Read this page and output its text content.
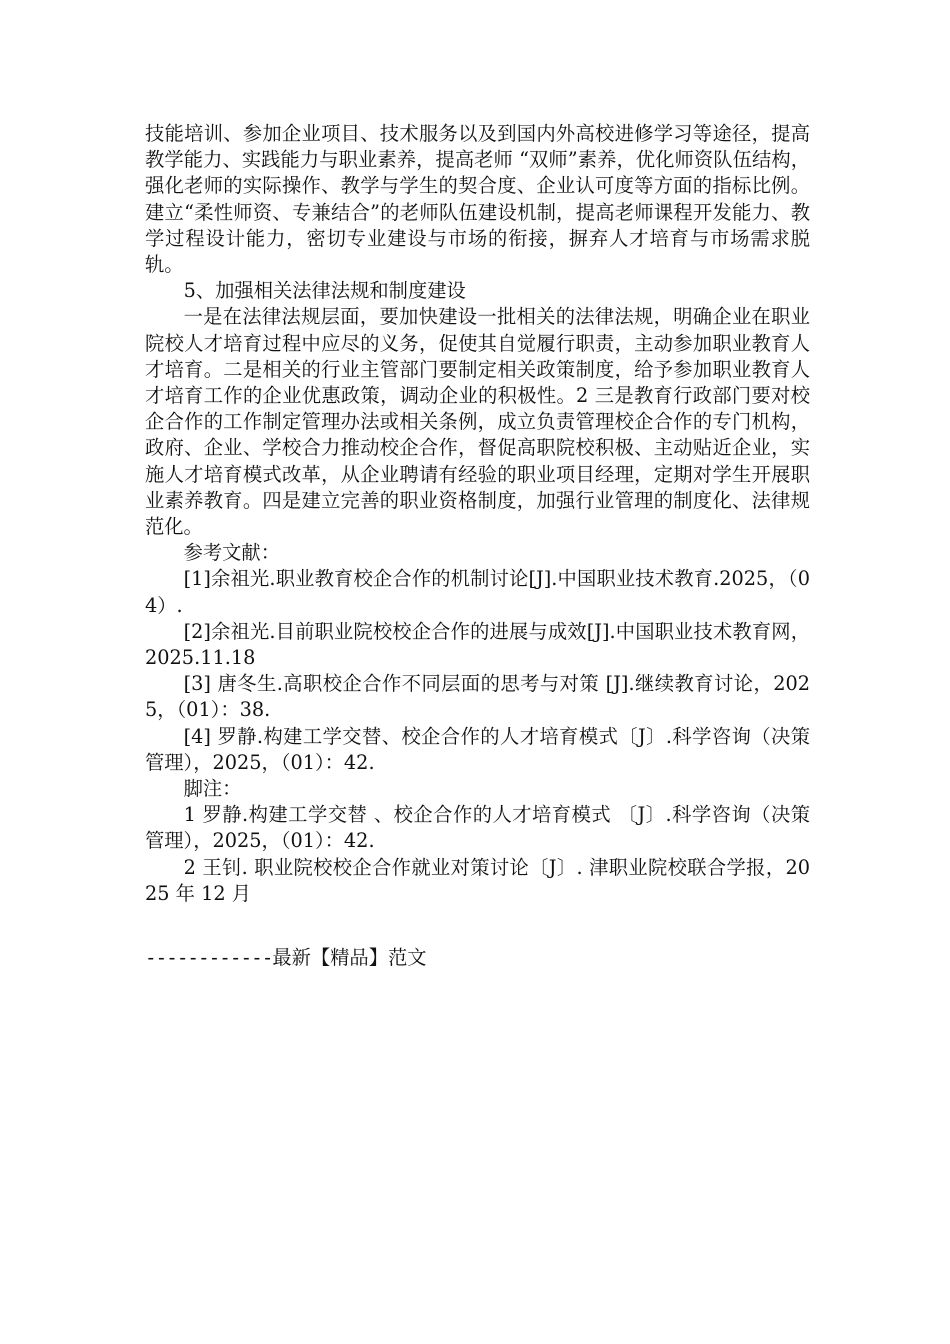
技能培训、参加企业项目、技术服务以及到国内外高校进修学习等途径，提高教学能力、实践能力与职业素养，提高老师 “双师”素养，优化师资队伍结构，强化老师的实际操作、教学与学生的契合度、企业认可度等方面的指标比例。建立“柔性师资、专兼结合”的老师队伍建设机制，提高老师课程开发能力、教学过程设计能力，密切专业建设与市场的衔接，摒弃人才培育与市场需求脱轨。

5、加强相关法律法规和制度建设

一是在法律法规层面，要加快建设一批相关的法律法规，明确企业在职业院校人才培育过程中应尽的义务，促使其自觉履行职责，主动参加职业教育人才培育。二是相关的行业主管部门要制定相关政策制度，给予参加职业教育人才培育工作的企业优惠政策，调动企业的积极性。2 三是教育行政部门要对校企合作的工作制定管理办法或相关条例，成立负责管理校企合作的专门机构，政府、企业、学校合力推动校企合作，督促高职院校积极、主动贴近企业，实施人才培育模式改革，从企业聘请有经验的职业项目经理，定期对学生开展职业素养教育。四是建立完善的职业资格制度，加强行业管理的制度化、法律规范化。

参考文献：

[1]余祖光.职业教育校企合作的机制讨论[J].中国职业技术教育.2025，（04）.

[2]余祖光.目前职业院校校企合作的进展与成效[J].中国职业技术教育网，2025.11.18

[3] 唐冬生.高职校企合作不同层面的思考与对策 [J].继续教育讨论，2025，（01）：38.

[4] 罗静.构建工学交替、校企合作的人才培育模式〔J〕.科学咨询（决策管理），2025，（01）：42.

脚注：

1 罗静.构建工学交替 、校企合作的人才培育模式 〔J〕.科学咨询（决策管理），2025，（01）：42.

2 王钊. 职业院校校企合作就业对策讨论〔J〕. 津职业院校联合学报，2025 年 12 月

------------最新【精品】范文
